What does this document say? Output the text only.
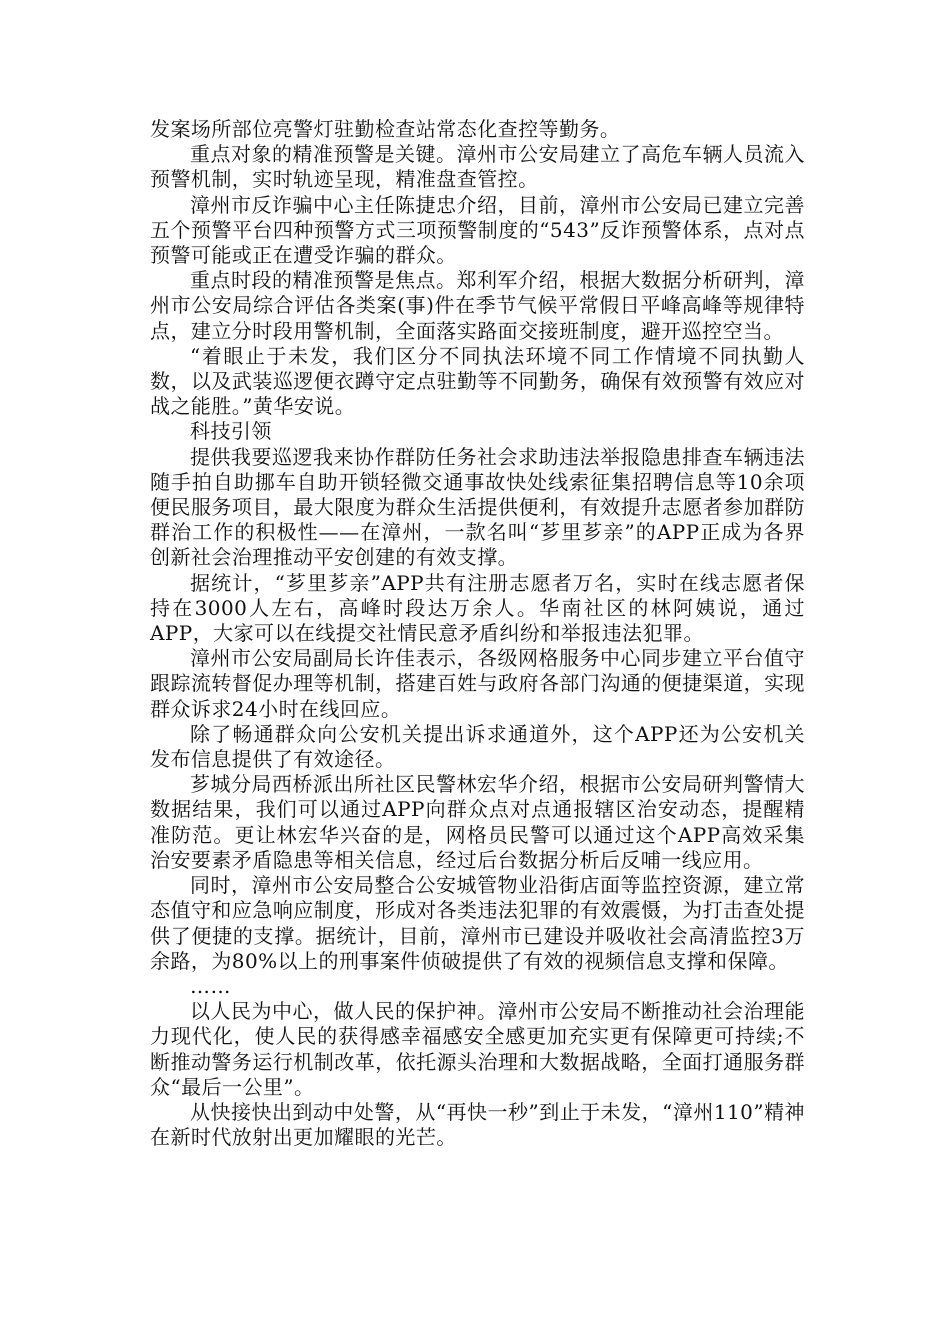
发案场所部位亮警灯驻勤检查站常态化查控等勤务。

重点对象的精准预警是关键。漳州市公安局建立了高危车辆人员流入预警机制，实时轨迹呈现，精准盘查管控。

漳州市反诈骗中心主任陈捷忠介绍，目前，漳州市公安局已建立完善五个预警平台四种预警方式三项预警制度的“543”反诈预警体系，点对点预警可能或正在遭受诈骗的群众。

重点时段的精准预警是焦点。郑利军介绍，根据大数据分析研判，漳州市公安局综合评估各类案(事)件在季节气候平常假日平峰高峰等规律特点，建立分时段用警机制，全面落实路面交接班制度，避开巡控空当。

“着眼止于未发，我们区分不同执法环境不同工作情境不同执勤人数，以及武装巡逻便衣蹲守定点驻勤等不同勤务，确保有效预警有效应对战之能胜。”黄华安说。

科技引领

提供我要巡逻我来协作群防任务社会求助违法举报隐患排查车辆违法随手拍自助挪车自助开锁轻微交通事故快处线索征集招聘信息等10余项便民服务项目，最大限度为群众生活提供便利，有效提升志愿者参加群防群治工作的积极性——在漳州，一款名叫“芗里芗亲”的APP正成为各界创新社会治理推动平安创建的有效支撑。

据统计，“芗里芗亲”APP共有注册志愿者万名，实时在线志愿者保持在3000人左右，高峰时段达万余人。华南社区的林阿姨说，通过APP，大家可以在线提交社情民意矛盾纠纷和举报违法犯罪。

漳州市公安局副局长许佳表示，各级网格服务中心同步建立平台值守跟踪流转督促办理等机制，搭建百姓与政府各部门沟通的便捷渠道，实现群众诉求24小时在线回应。

除了畅通群众向公安机关提出诉求通道外，这个APP还为公安机关发布信息提供了有效途径。

芗城分局西桥派出所社区民警林宏华介绍，根据市公安局研判警情大数据结果，我们可以通过APP向群众点对点通报辖区治安动态，提醒精准防范。更让林宏华兴奋的是，网格员民警可以通过这个APP高效采集治安要素矛盾隐患等相关信息，经过后台数据分析后反哺一线应用。

同时，漳州市公安局整合公安城管物业沿街店面等监控资源，建立常态值守和应急响应制度，形成对各类违法犯罪的有效震慑，为打击查处提供了便捷的支撑。据统计，目前，漳州市已建设并吸收社会高清监控3万余路，为80%以上的刑事案件侦破提供了有效的视频信息支撑和保障。

……

以人民为中心，做人民的保护神。漳州市公安局不断推动社会治理能力现代化，使人民的获得感幸福感安全感更加充实更有保障更可持续;不断推动警务运行机制改革，依托源头治理和大数据战略，全面打通服务群众“最后一公里”。

从快接快出到动中处警，从“再快一秒”到止于未发，“漳州110”精神在新时代放射出更加耀眼的光芒。
